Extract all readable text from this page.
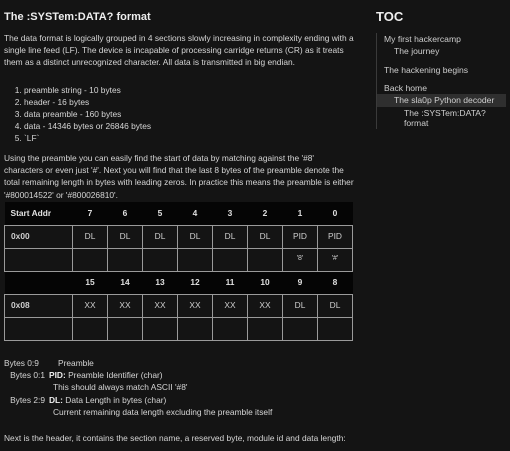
The :SYSTem:DATA? format

The data format is logically grouped in 4 sections slowly increasing in complexity ending with a single line feed (LF). The device is incapable of processing carridge returns (CR) as it treats them as a distinct unrecognized character. All data is transmitted in big endian.

1. preamble string - 10 bytes
2. header - 16 bytes
3. data preamble - 160 bytes
4. data - 14346 bytes or 26846 bytes
5. `LF`

Using the preamble you can easily find the start of data by matching against the '#8' characters or even just '#'. Next you will find that the last 8 bytes of the preamble denote the total remaining length in bytes with leading zeros. In practice this means the preamble is either '#800014522' or '#800026810'.

Start Addr	7	6	5	4	3	2	1	0
0x00	DL	DL	DL	DL	DL	DL	PID	PID
							'8'	'#'
	15	14	13	12	11	10	9	8
0x08	XX	XX	XX	XX	XX	XX	DL	DL

Bytes 0:9	Preamble
Bytes 0:1 PID: Preamble Identifier (char)
This should always match ASCII '#8'
Bytes 2:9 DL: Data Length in bytes (char)
Current remaining data length excluding the preamble itself

Next is the header, it contains the section name, a reserved byte, module id and data length:

TOC
My first hackercamp
The journey
The hackening begins
Back home
The sla0p Python decoder
The :SYSTem:DATA? format
